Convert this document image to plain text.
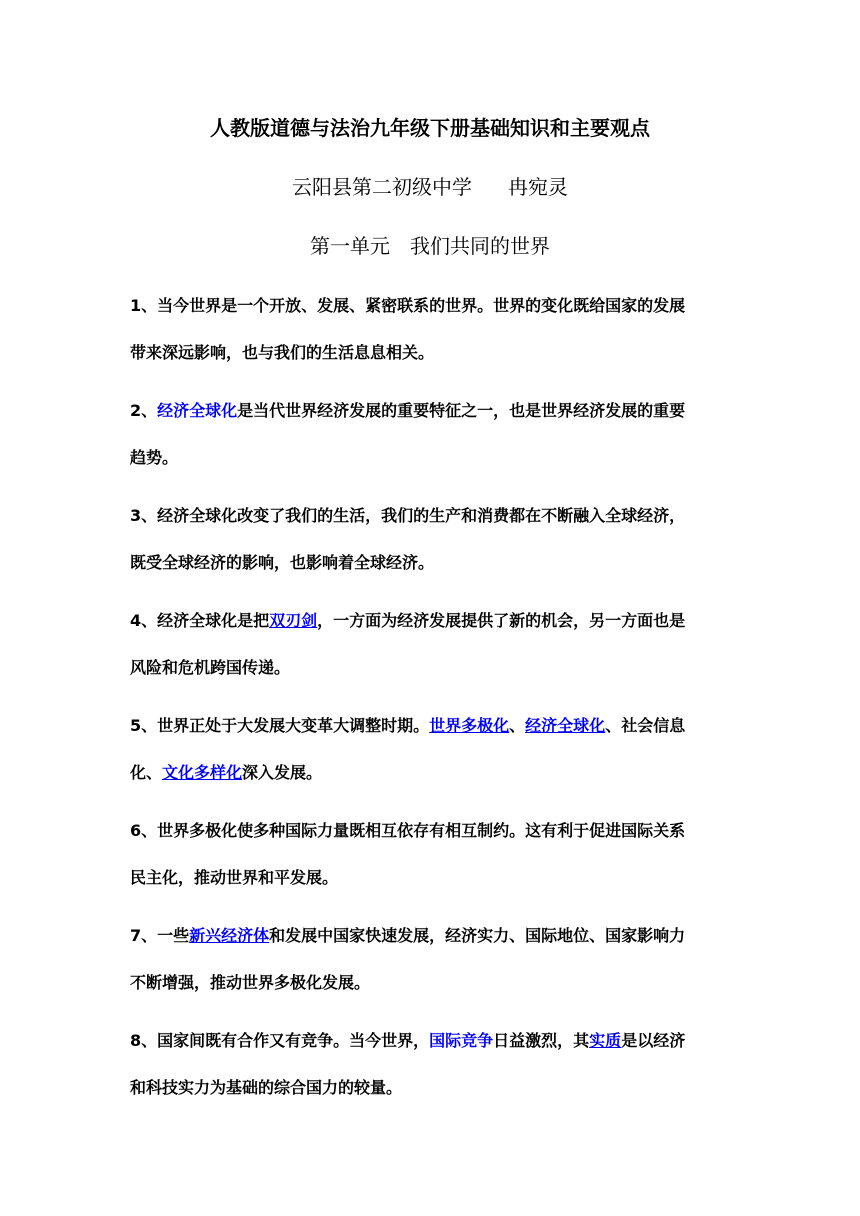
人教版道德与法治九年级下册基础知识和主要观点
云阳县第二初级中学 冉宛灵
第一单元 我们共同的世界
1、当今世界是一个开放、发展、紧密联系的世界。世界的变化既给国家的发展
带来深远影响，也与我们的生活息息相关。
2、经济全球化是当代世界经济发展的重要特征之一，也是世界经济发展的重要
趋势。
3、经济全球化改变了我们的生活，我们的生产和消费都在不断融入全球经济，
既受全球经济的影响，也影响着全球经济。
4、经济全球化是把双刃剑，一方面为经济发展提供了新的机会，另一方面也是
风险和危机跨国传递。
5、世界正处于大发展大变革大调整时期。世界多极化、经济全球化、社会信息
化、文化多样化深入发展。
6、世界多极化使多种国际力量既相互依存有相互制约。这有利于促进国际关系
民主化，推动世界和平发展。
7、一些新兴经济体和发展中国家快速发展，经济实力、国际地位、国家影响力
不断增强，推动世界多极化发展。
8、国家间既有合作又有竞争。当今世界，国际竞争日益激烈，其实质是以经济
和科技实力为基础的综合国力的较量。
